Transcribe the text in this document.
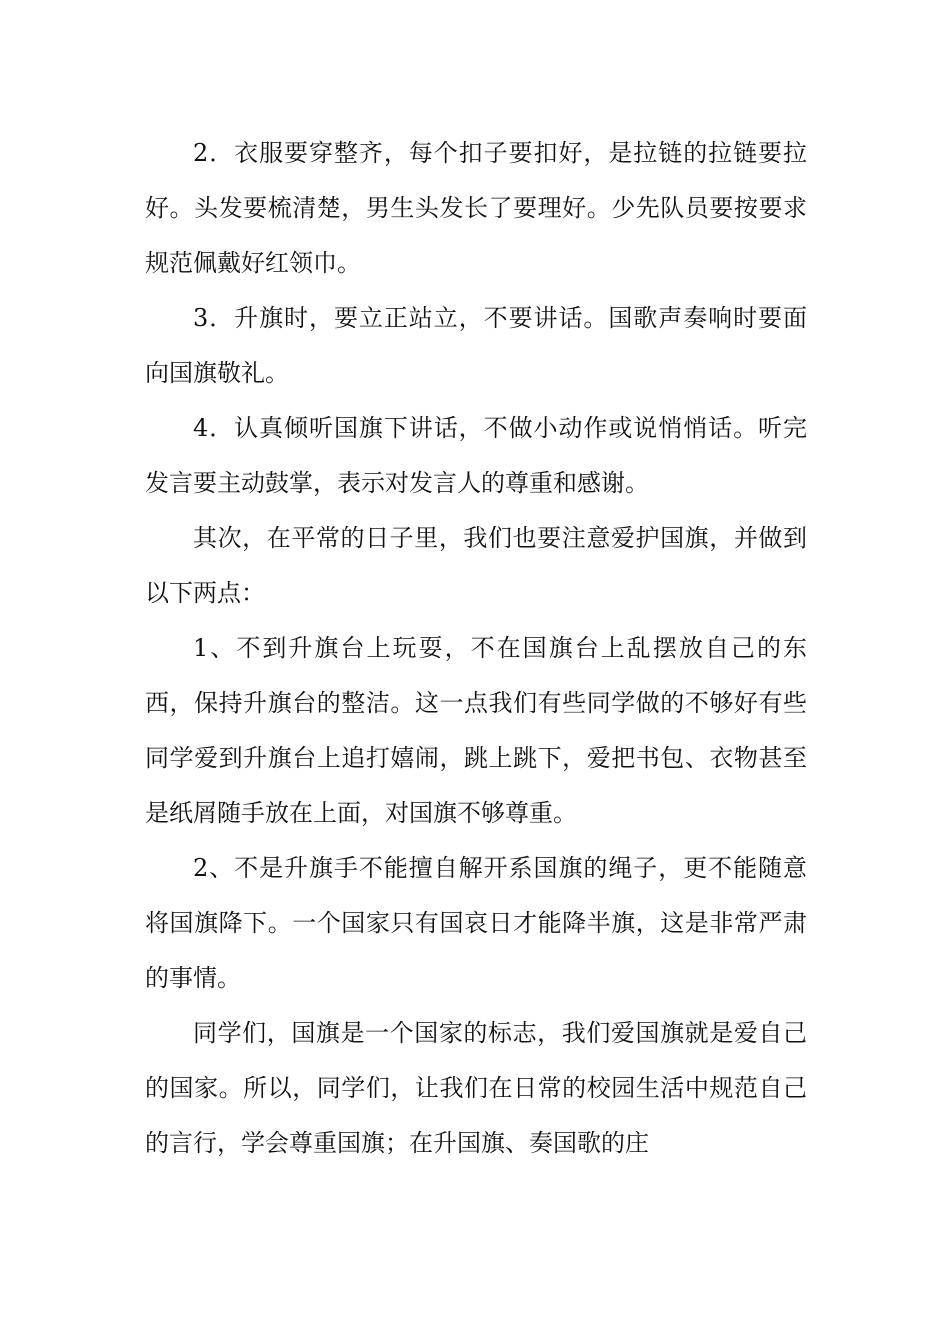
2．衣服要穿整齐，每个扣子要扣好，是拉链的拉链要拉好。头发要梳清楚，男生头发长了要理好。少先队员要按要求规范佩戴好红领巾。

3．升旗时，要立正站立，不要讲话。国歌声奏响时要面向国旗敬礼。

4．认真倾听国旗下讲话，不做小动作或说悄悄话。听完发言要主动鼓掌，表示对发言人的尊重和感谢。

其次，在平常的日子里，我们也要注意爱护国旗，并做到以下两点：

1、不到升旗台上玩耍，不在国旗台上乱摆放自己的东西，保持升旗台的整洁。这一点我们有些同学做的不够好有些同学爱到升旗台上追打嬉闹，跳上跳下，爱把书包、衣物甚至是纸屑随手放在上面，对国旗不够尊重。

2、不是升旗手不能擅自解开系国旗的绳子，更不能随意将国旗降下。一个国家只有国哀日才能降半旗，这是非常严肃的事情。

同学们，国旗是一个国家的标志，我们爱国旗就是爱自己的国家。所以，同学们，让我们在日常的校园生活中规范自己的言行，学会尊重国旗；在升国旗、奏国歌的庄
